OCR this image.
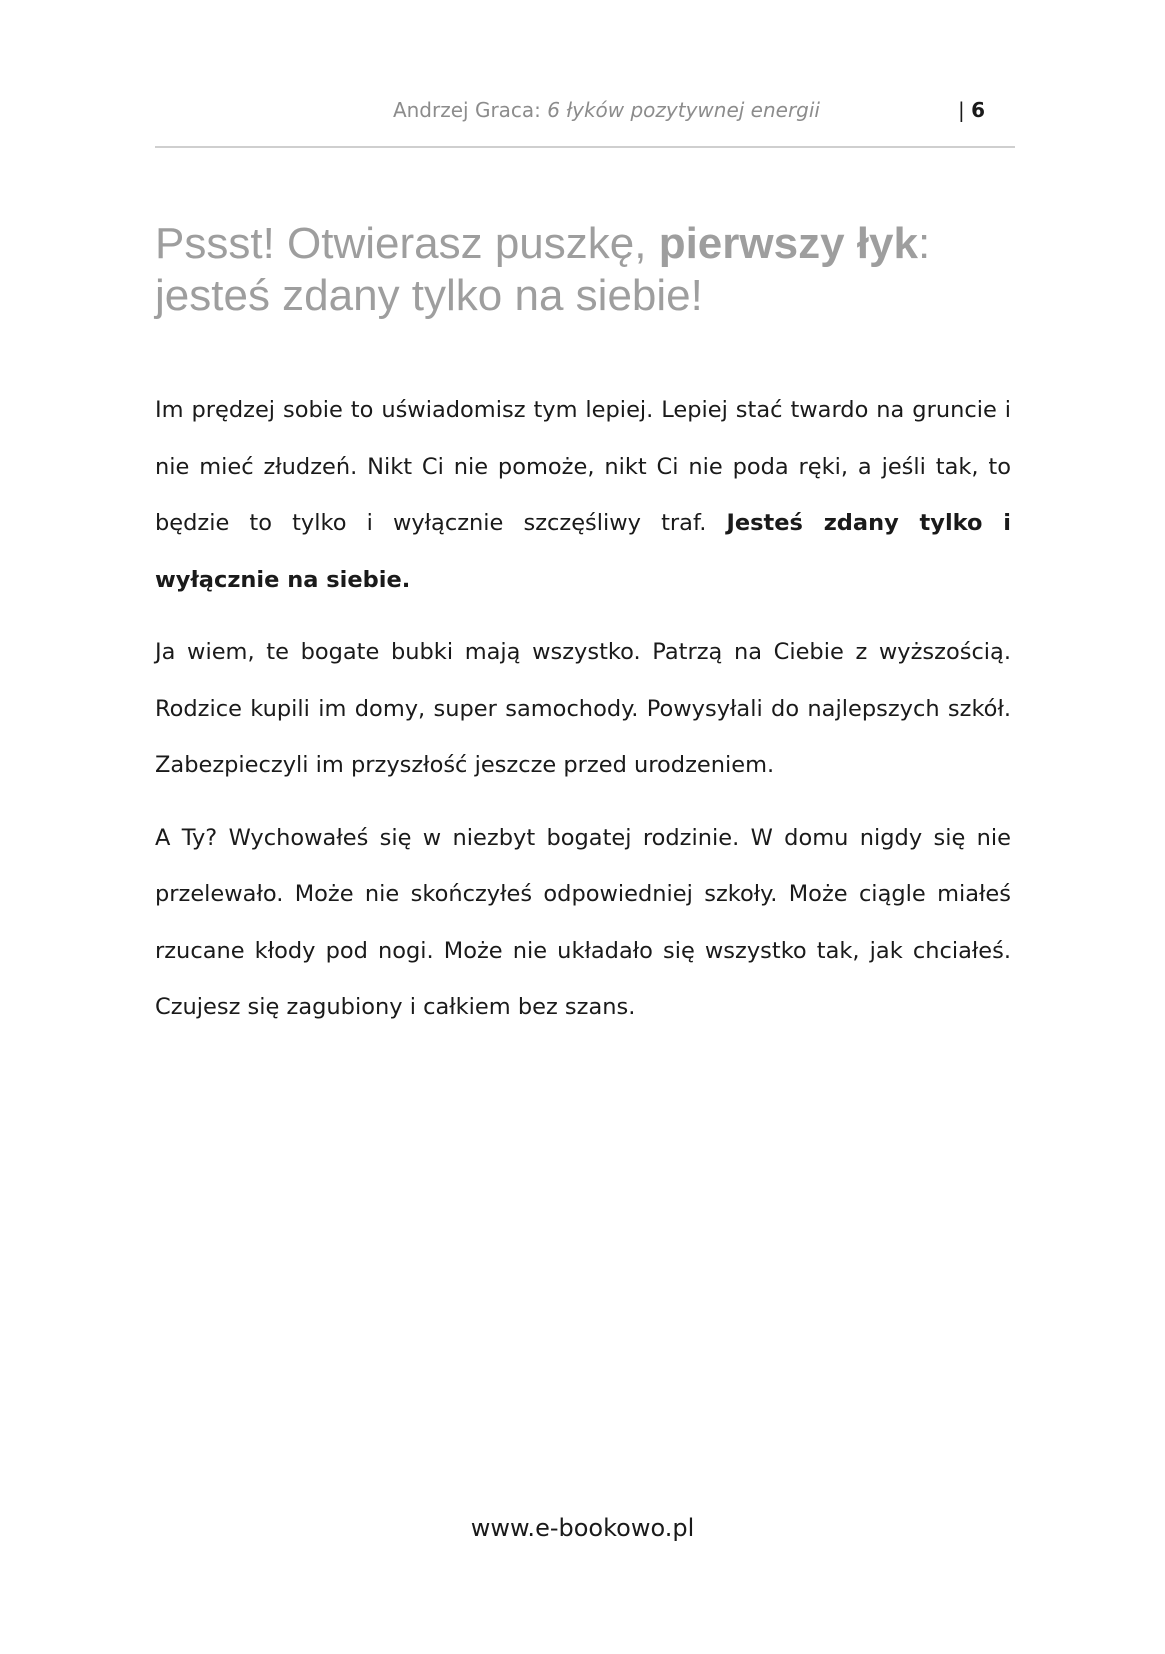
Andrzej Graca: 6 łyków pozytywnej energii	| 6
Pssst! Otwierasz puszkę, pierwszy łyk: jesteś zdany tylko na siebie!

Im prędzej sobie to uświadomisz tym lepiej. Lepiej stać twardo na gruncie i nie mieć złudzeń. Nikt Ci nie pomoże, nikt Ci nie poda ręki, a jeśli tak, to będzie to tylko i wyłącznie szczęśliwy traf. Jesteś zdany tylko i wyłącznie na siebie.

Ja wiem, te bogate bubki mają wszystko. Patrzą na Ciebie z wyższością. Rodzice kupili im domy, super samochody. Powysyłali do najlepszych szkół. Zabezpieczyli im przyszłość jeszcze przed urodzeniem.

A Ty? Wychowałeś się w niezbyt bogatej rodzinie. W domu nigdy się nie przelewało. Może nie skończyłeś odpowiedniej szkoły. Może ciągle miałeś rzucane kłody pod nogi. Może nie układało się wszystko tak, jak chciałeś. Czujesz się zagubiony i całkiem bez szans.

www.e-bookowo.pl
